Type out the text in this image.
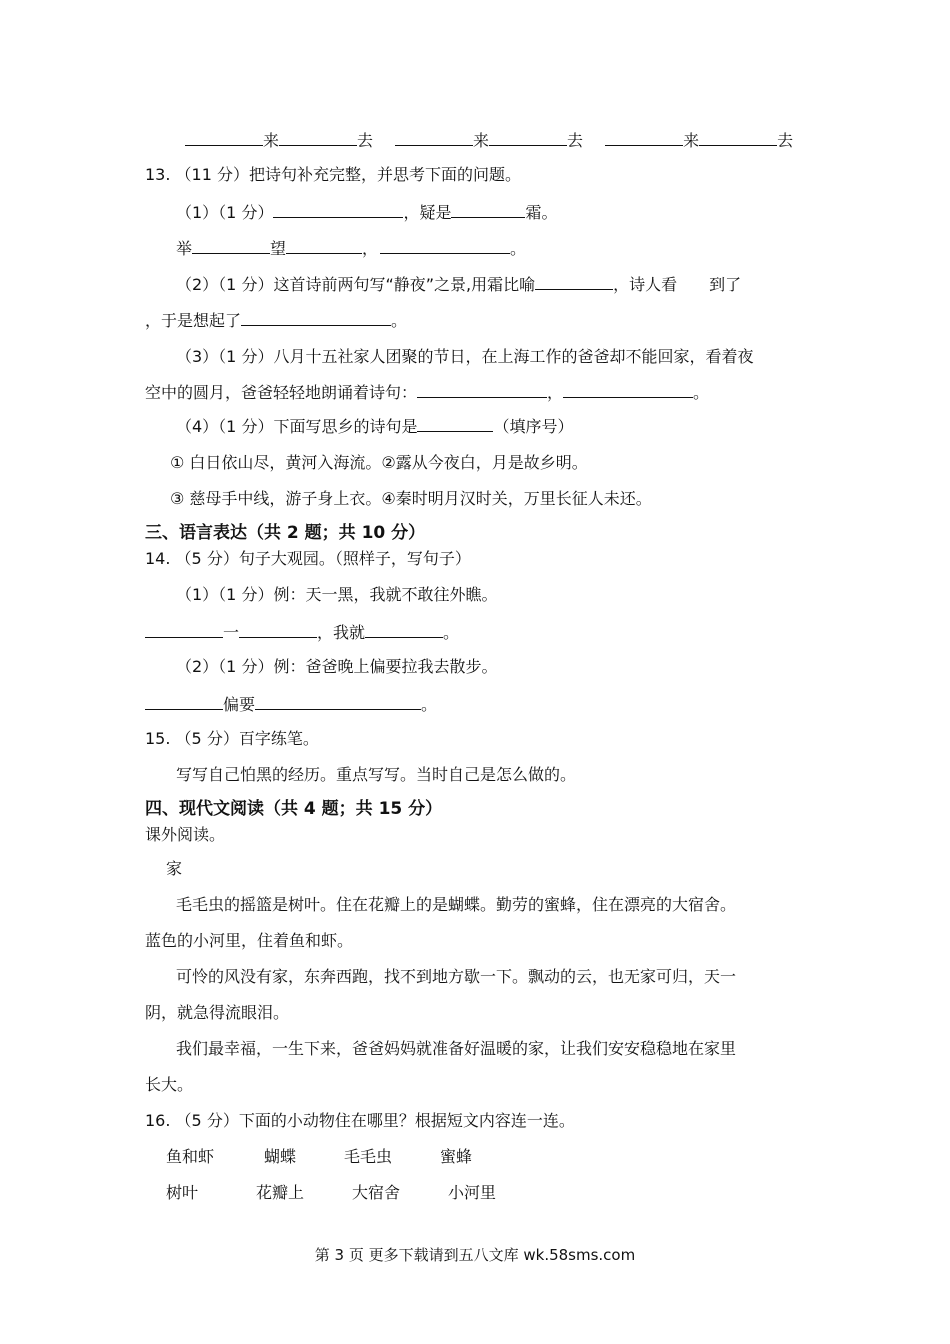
来	去	来	去	来	去
13. （11 分）把诗句补充完整，并思考下面的问题。
（1）（1 分）	，疑是	霜。
举	望	，	。
（2）（1 分）这首诗前两句写“静夜”之景,用霜比喻	，诗人看 到了
，于是想起了	。
（3）（1 分）八月十五社家人团聚的节日，在上海工作的爸爸却不能回家，看着夜
空中的圆月，爸爸轻轻地朗诵着诗句：	，	。
（4）（1 分）下面写思乡的诗句是	（填序号）
① 白日依山尽，黄河入海流。②露从今夜白，月是故乡明。
③ 慈母手中线，游子身上衣。④秦时明月汉时关，万里长征人未还。
三、语言表达（共 2 题；共 10 分）
14. （5 分）句子大观园。（照样子，写句子）
（1）（1 分）例：天一黑，我就不敢往外瞧。
一	，我就	。
（2）（1 分）例：爸爸晚上偏要拉我去散步。
偏要	。
15. （5 分）百字练笔。
写写自己怕黑的经历。重点写写。当时自己是怎么做的。
四、现代文阅读（共 4 题；共 15 分）
课外阅读。
家
毛毛虫的摇篮是树叶。住在花瓣上的是蝴蝶。勤劳的蜜蜂，住在漂亮的大宿舍。
蓝色的小河里，住着鱼和虾。
可怜的风没有家，东奔西跑，找不到地方歇一下。飘动的云，也无家可归，天一
阴，就急得流眼泪。
我们最幸福，一生下来，爸爸妈妈就准备好温暖的家，让我们安安稳稳地在家里
长大。
16. （5 分）下面的小动物住在哪里？根据短文内容连一连。
鱼和虾	蝴蝶	毛毛虫	蜜蜂
树叶	花瓣上	大宿舍	小河里
第 3 页 更多下载请到五八文库 wk.58sms.com
